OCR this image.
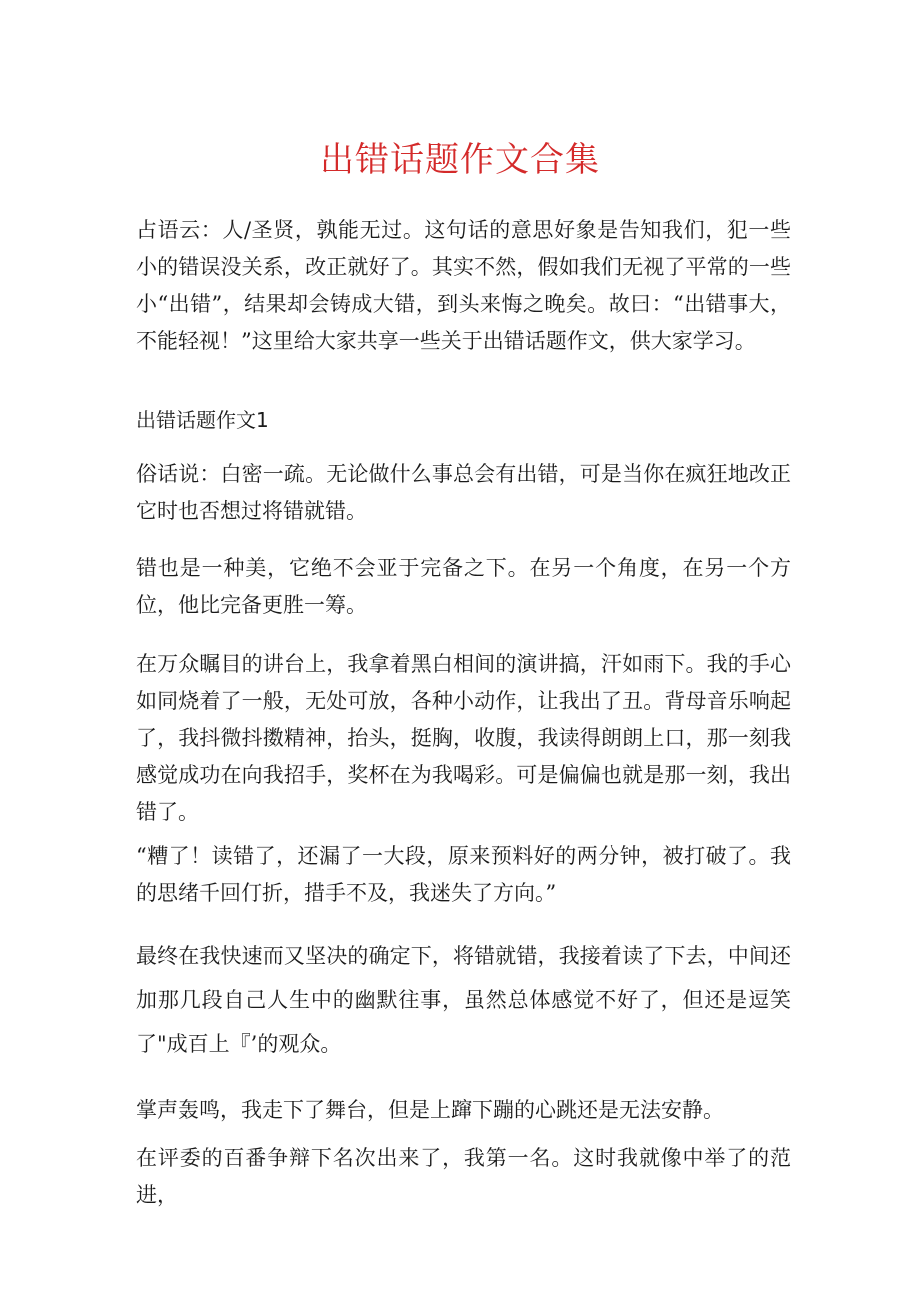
出错话题作文合集

占语云：人/圣贤，孰能无过。这句话的意思好象是告知我们，犯一些小的错误没关系，改正就好了。其实不然，假如我们无视了平常的一些小“出错”，结果却会铸成大错，到头来悔之晚矣。故曰：“出错事大，不能轻视！”这里给大家共享一些关于出错话题作文，供大家学习。

出错话题作文1

俗话说：白密一疏。无论做什么事总会有出错，可是当你在疯狂地改正它时也否想过将错就错。

错也是一种美，它绝不会亚于完备之下。在另一个角度，在另一个方位，他比完备更胜一筹。

在万众瞩目的讲台上，我拿着黑白相间的演讲搞，汗如雨下。我的手心如同烧着了一般，无处可放，各种小动作，让我出了丑。背母音乐响起了，我抖微抖擞精神，抬头，挺胸，收腹，我读得朗朗上口，那一刻我感觉成功在向我招手，奖杯在为我喝彩。可是偏偏也就是那一刻，我出错了。

“糟了！读错了，还漏了一大段，原来预料好的两分钟，被打破了。我的思绪千回仃折，措手不及，我迷失了方向。”

最终在我快速而又坚决的确定下，将错就错，我接着读了下去，中间还加那几段自己人生中的幽默往事，虽然总体感觉不好了，但还是逗笑了"成百上『’的观众。

掌声轰鸣，我走下了舞台，但是上蹿下蹦的心跳还是无法安静。

在评委的百番争辩下名次出来了，我第一名。这时我就像中举了的范进，
